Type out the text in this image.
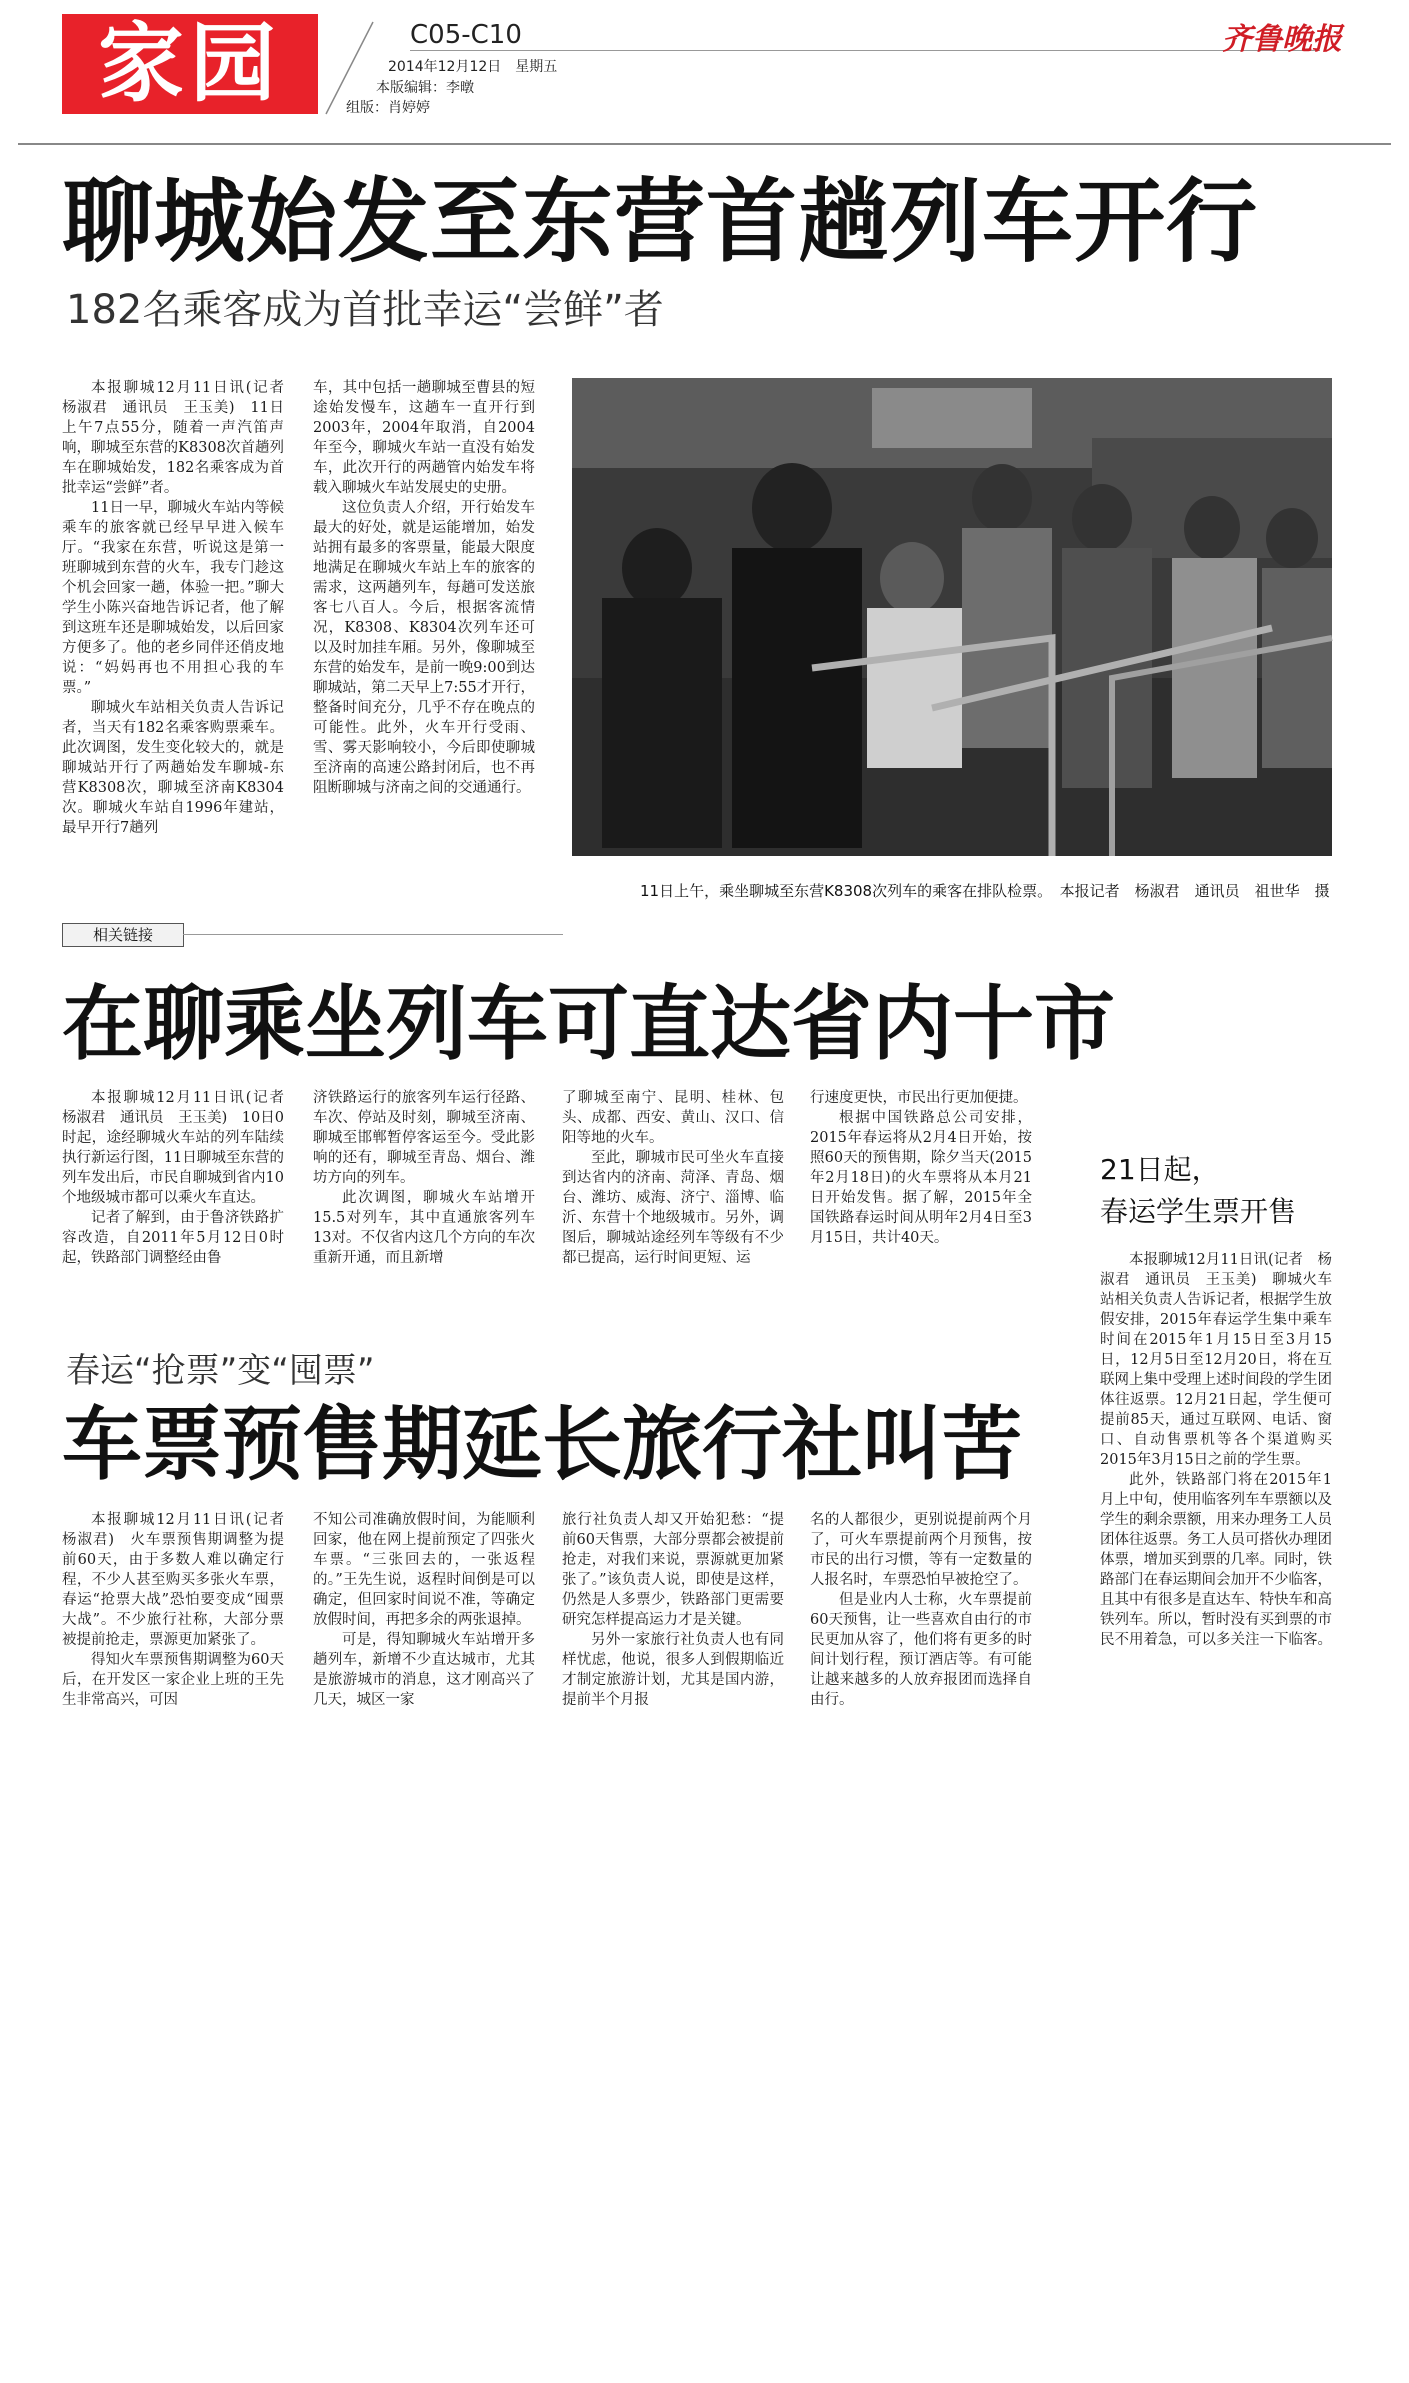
家园	C05-C10
2014年12月12日　星期五
本版编辑：李暾
组版：肖婷婷
齐鲁晚报
聊城始发至东营首趟列车开行
182名乘客成为首批幸运“尝鲜”者

本报聊城12月11日讯(记者　杨淑君　通讯员　王玉美)　11日上午7点55分，随着一声汽笛声响，聊城至东营的K8308次首趟列车在聊城始发，182名乘客成为首批幸运“尝鲜”者。

11日一早，聊城火车站内等候乘车的旅客就已经早早进入候车厅。“我家在东营，听说这是第一班聊城到东营的火车，我专门趁这个机会回家一趟，体验一把。”聊大学生小陈兴奋地告诉记者，他了解到这班车还是聊城始发，以后回家方便多了。他的老乡同伴还俏皮地说：“妈妈再也不用担心我的车票。”

聊城火车站相关负责人告诉记者，当天有182名乘客购票乘车。此次调图，发生变化较大的，就是聊城站开行了两趟始发车聊城-东营K8308次，聊城至济南K8304次。聊城火车站自1996年建站，最早开行7趟列

车，其中包括一趟聊城至曹县的短途始发慢车，这趟车一直开行到2003年，2004年取消，自2004年至今，聊城火车站一直没有始发车，此次开行的两趟管内始发车将载入聊城火车站发展史的史册。

这位负责人介绍，开行始发车最大的好处，就是运能增加，始发站拥有最多的客票量，能最大限度地满足在聊城火车站上车的旅客的需求，这两趟列车，每趟可发送旅客七八百人。今后，根据客流情况，K8308、K8304次列车还可以及时加挂车厢。另外，像聊城至东营的始发车，是前一晚9:00到达聊城站，第二天早上7:55才开行，整备时间充分，几乎不存在晚点的可能性。此外，火车开行受雨、雪、雾天影响较小，今后即使聊城至济南的高速公路封闭后，也不再阻断聊城与济南之间的交通通行。

11日上午，乘坐聊城至东营K8308次列车的乘客在排队检票。　本报记者　杨淑君　通讯员　祖世华　摄
相关链接
在聊乘坐列车可直达省内十市

本报聊城12月11日讯(记者　杨淑君　通讯员　王玉美)　10日0时起，途经聊城火车站的列车陆续执行新运行图，11日聊城至东营的列车发出后，市民自聊城到省内10个地级城市都可以乘火车直达。

记者了解到，由于鲁济铁路扩容改造，自2011年5月12日0时起，铁路部门调整经由鲁

济铁路运行的旅客列车运行径路、车次、停站及时刻，聊城至济南、聊城至邯郸暂停客运至今。受此影响的还有，聊城至青岛、烟台、潍坊方向的列车。

此次调图，聊城火车站增开15.5对列车，其中直通旅客列车13对。不仅省内这几个方向的车次重新开通，而且新增

了聊城至南宁、昆明、桂林、包头、成都、西安、黄山、汉口、信阳等地的火车。

至此，聊城市民可坐火车直接到达省内的济南、菏泽、青岛、烟台、潍坊、威海、济宁、淄博、临沂、东营十个地级城市。另外，调图后，聊城站途经列车等级有不少都已提高，运行时间更短、运

行速度更快，市民出行更加便捷。

根据中国铁路总公司安排，2015年春运将从2月4日开始，按照60天的预售期，除夕当天(2015年2月18日)的火车票将从本月21日开始发售。据了解，2015年全国铁路春运时间从明年2月4日至3月15日，共计40天。

春运“抢票”变“囤票”
车票预售期延长旅行社叫苦

本报聊城12月11日讯(记者　杨淑君)　火车票预售期调整为提前60天，由于多数人难以确定行程，不少人甚至购买多张火车票，春运“抢票大战”恐怕要变成“囤票大战”。不少旅行社称，大部分票被提前抢走，票源更加紧张了。

得知火车票预售期调整为60天后，在开发区一家企业上班的王先生非常高兴，可因

不知公司准确放假时间，为能顺利回家，他在网上提前预定了四张火车票。“三张回去的，一张返程的。”王先生说，返程时间倒是可以确定，但回家时间说不准，等确定放假时间，再把多余的两张退掉。

可是，得知聊城火车站增开多趟列车，新增不少直达城市，尤其是旅游城市的消息，这才刚高兴了几天，城区一家

旅行社负责人却又开始犯愁：“提前60天售票，大部分票都会被提前抢走，对我们来说，票源就更加紧张了。”该负责人说，即使是这样，仍然是人多票少，铁路部门更需要研究怎样提高运力才是关键。

另外一家旅行社负责人也有同样忧虑，他说，很多人到假期临近才制定旅游计划，尤其是国内游，提前半个月报

名的人都很少，更别说提前两个月了，可火车票提前两个月预售，按市民的出行习惯，等有一定数量的人报名时，车票恐怕早被抢空了。

但是业内人士称，火车票提前60天预售，让一些喜欢自由行的市民更加从容了，他们将有更多的时间计划行程，预订酒店等。有可能让越来越多的人放弃报团而选择自由行。

21日起，
春运学生票开售

本报聊城12月11日讯(记者　杨淑君　通讯员　王玉美)　聊城火车站相关负责人告诉记者，根据学生放假安排，2015年春运学生集中乘车时间在2015年1月15日至3月15日，12月5日至12月20日，将在互联网上集中受理上述时间段的学生团体往返票。12月21日起，学生便可提前85天，通过互联网、电话、窗口、自动售票机等各个渠道购买2015年3月15日之前的学生票。

此外，铁路部门将在2015年1月上中旬，使用临客列车车票额以及学生的剩余票额，用来办理务工人员团体往返票。务工人员可搭伙办理团体票，增加买到票的几率。同时，铁路部门在春运期间会加开不少临客，且其中有很多是直达车、特快车和高铁列车。所以，暂时没有买到票的市民不用着急，可以多关注一下临客。
